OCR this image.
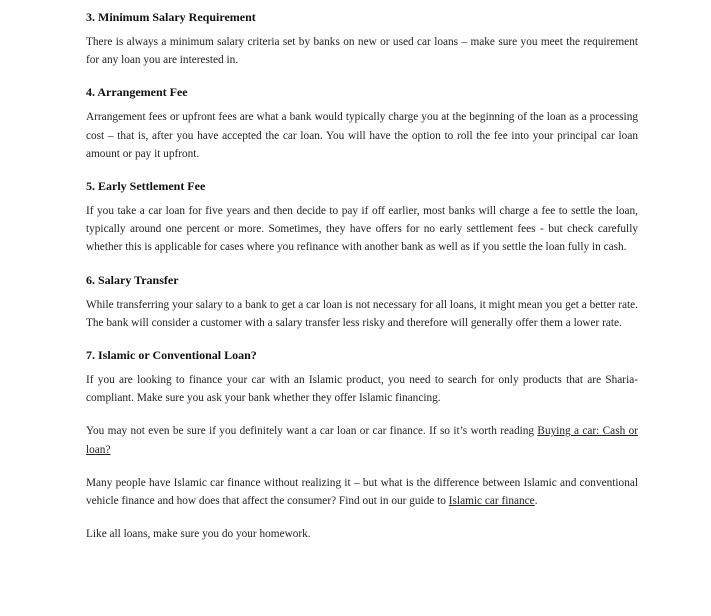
3. Minimum Salary Requirement

There is always a minimum salary criteria set by banks on new or used car loans – make sure you meet the requirement for any loan you are interested in.

4. Arrangement Fee

Arrangement fees or upfront fees are what a bank would typically charge you at the beginning of the loan as a processing cost – that is, after you have accepted the car loan. You will have the option to roll the fee into your principal car loan amount or pay it upfront.

5. Early Settlement Fee

If you take a car loan for five years and then decide to pay if off earlier, most banks will charge a fee to settle the loan, typically around one percent or more. Sometimes, they have offers for no early settlement fees - but check carefully whether this is applicable for cases where you refinance with another bank as well as if you settle the loan fully in cash.

6. Salary Transfer

While transferring your salary to a bank to get a car loan is not necessary for all loans, it might mean you get a better rate. The bank will consider a customer with a salary transfer less risky and therefore will generally offer them a lower rate.

7. Islamic or Conventional Loan?

If you are looking to finance your car with an Islamic product, you need to search for only products that are Sharia-compliant. Make sure you ask your bank whether they offer Islamic financing.

You may not even be sure if you definitely want a car loan or car finance. If so it’s worth reading Buying a car: Cash or loan?

Many people have Islamic car finance without realizing it – but what is the difference between Islamic and conventional vehicle finance and how does that affect the consumer? Find out in our guide to Islamic car finance.

Like all loans, make sure you do your homework.
